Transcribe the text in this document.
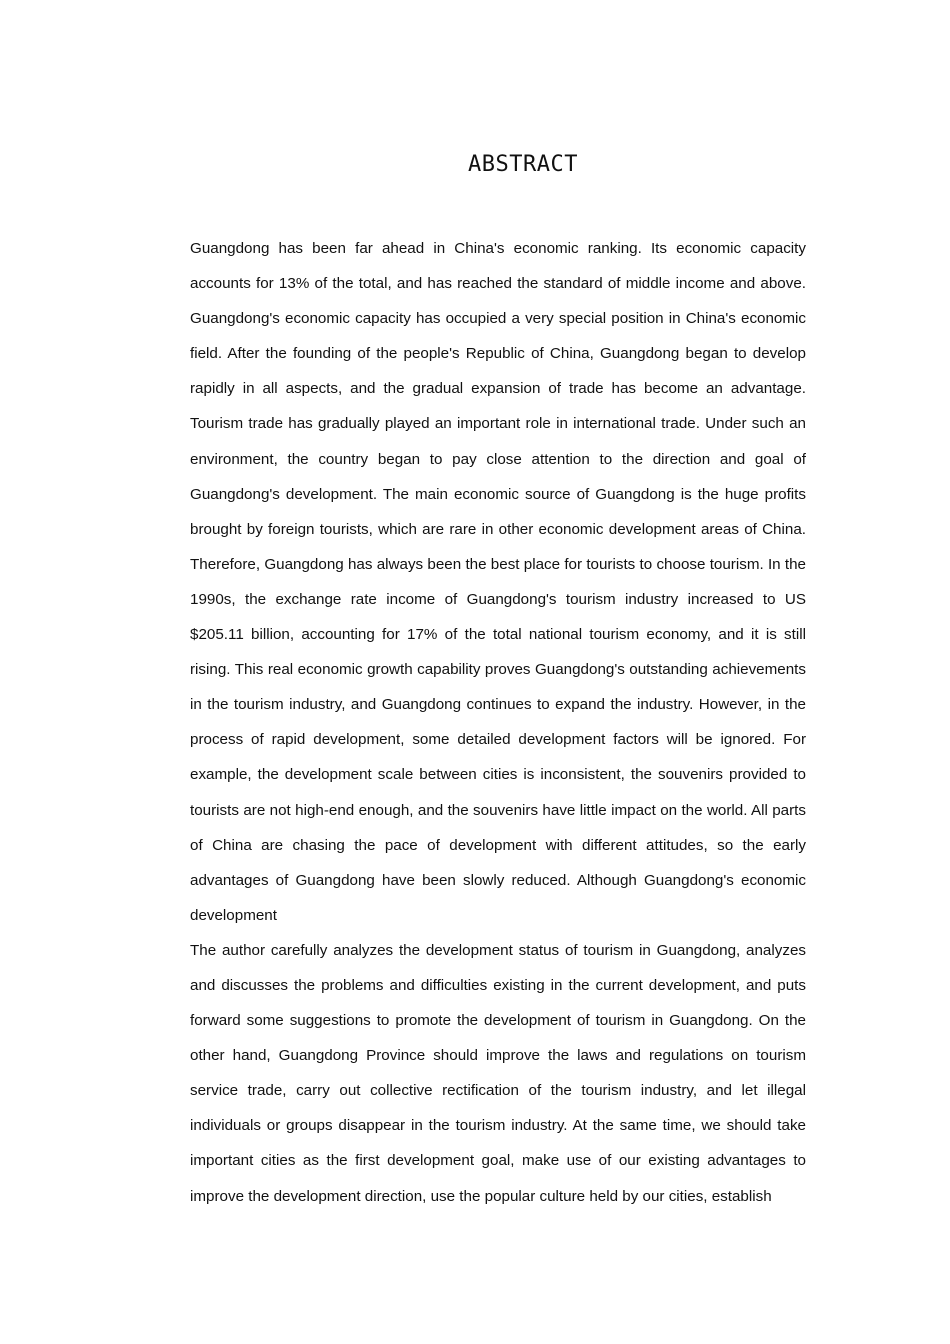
ABSTRACT

Guangdong has been far ahead in China's economic ranking. Its economic capacity accounts for 13% of the total, and has reached the standard of middle income and above. Guangdong's economic capacity has occupied a very special position in China's economic field. After the founding of the people's Republic of China, Guangdong began to develop rapidly in all aspects, and the gradual expansion of trade has become an advantage. Tourism trade has gradually played an important role in international trade. Under such an environment, the country began to pay close attention to the direction and goal of Guangdong's development. The main economic source of Guangdong is the huge profits brought by foreign tourists, which are rare in other economic development areas of China. Therefore, Guangdong has always been the best place for tourists to choose tourism. In the 1990s, the exchange rate income of Guangdong's tourism industry increased to US $205.11 billion, accounting for 17% of the total national tourism economy, and it is still rising. This real economic growth capability proves Guangdong's outstanding achievements in the tourism industry, and Guangdong continues to expand the industry. However, in the process of rapid development, some detailed development factors will be ignored. For example, the development scale between cities is inconsistent, the souvenirs provided to tourists are not high-end enough, and the souvenirs have little impact on the world. All parts of China are chasing the pace of development with different attitudes, so the early advantages of Guangdong have been slowly reduced. Although Guangdong's economic development

The author carefully analyzes the development status of tourism in Guangdong, analyzes and discusses the problems and difficulties existing in the current development, and puts forward some suggestions to promote the development of tourism in Guangdong. On the other hand, Guangdong Province should improve the laws and regulations on tourism service trade, carry out collective rectification of the tourism industry, and let illegal individuals or groups disappear in the tourism industry. At the same time, we should take important cities as the first development goal, make use of our existing advantages to improve the development direction, use the popular culture held by our cities, establish
